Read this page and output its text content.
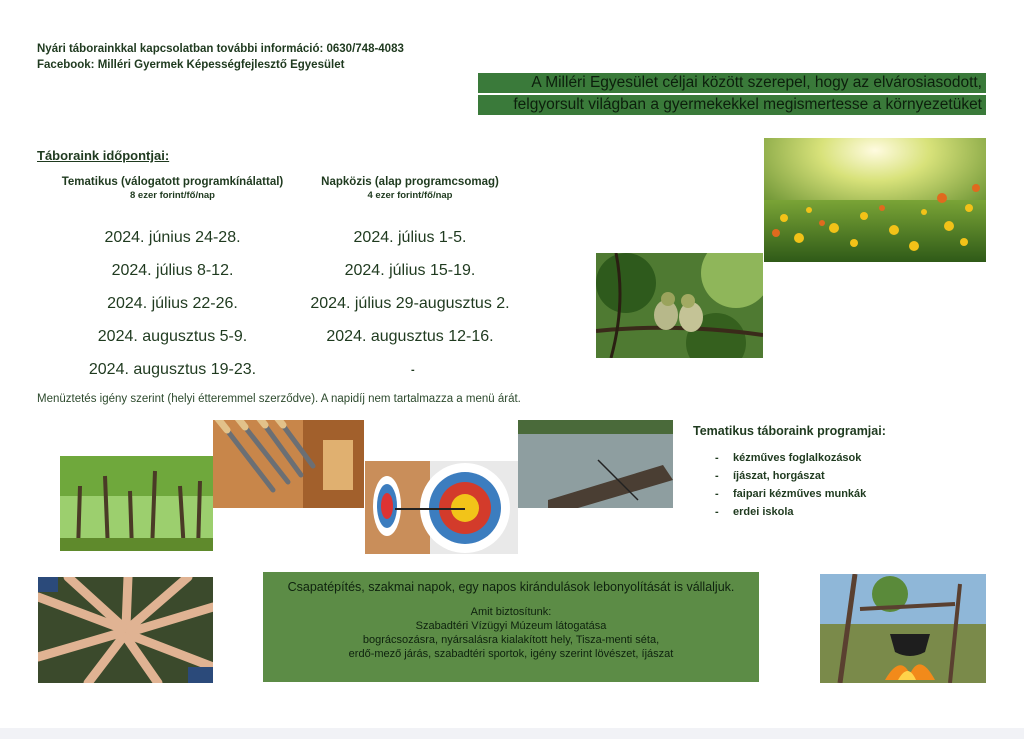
Nyári táborainkkal kapcsolatban további információ: 0630/748-4083
Facebook: Milléri Gyermek Képességfejlesztő Egyesület
A Milléri Egyesület céljai között szerepel, hogy az elvárosiasodott,
felgyorsult világban a gyermekekkel megismertesse a környezetüket
Táboraink időpontjai:
Tematikus (válogatott programkínálattal)
8 ezer forint/fő/nap
Napközis (alap programcsomag)
4 ezer forint/fő/nap
2024. június 24-28.
2024. július 8-12.
2024. július 22-26.
2024. augusztus 5-9.
2024. augusztus 19-23.
2024. július 1-5.
2024. július 15-19.
2024. július 29-augusztus 2.
2024. augusztus 12-16.
-
Menüztetés igény szerint (helyi étteremmel szerződve). A napidíj nem tartalmazza a menü árát.
Tematikus táboraink programjai:
- kézműves foglalkozások
- íjászat, horgászat
- faipari kézműves munkák
- erdei iskola
Csapatépítés, szakmai napok, egy napos kirándulások lebonyolítását is vállaljuk.
Amit biztosítunk:
Szabadtéri Vízügyi Múzeum látogatása
bográcsozásra, nyársalásra kialakított hely, Tisza-menti séta,
erdő-mező járás, szabadtéri sportok, igény szerint lövészet, íjászat
